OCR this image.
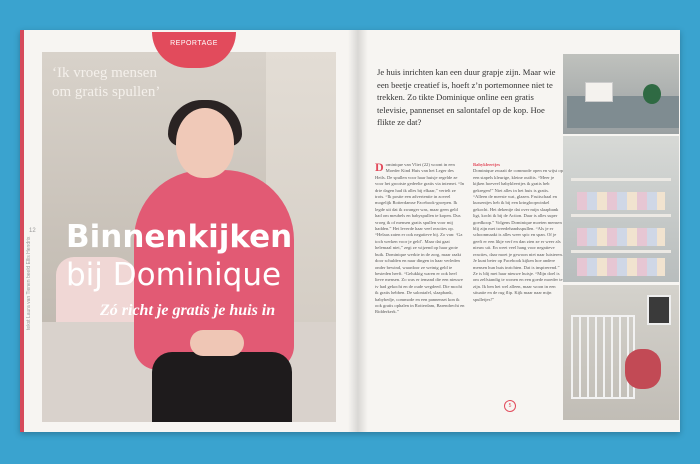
REPORTAGE
‘Ik vroeg mensen om gratis spullen’
Binnenkijken
bij Dominique
Zó richt je gratis je huis in
12
tekst Laura van Tienen beeld Ellis Hendrix
Je huis inrichten kan een duur grapje zijn. Maar wie een beetje creatief is, hoeft z’n portemonnee niet te trekken. Zo tikte Dominique online een gratis televisie, pannenset en salontafel op de kop. Hoe flikte ze dat?
Dominique van Vliet (22) woont in een Moeder Kind Huis van het Leger des Heils. De spullen voor haar huisje regelde ze voor het grootste gedeelte gratis via internet. “In drie dagen had ik alles bij elkaar,” vertelt ze trots. “Ik postte een advertentie in zoveel mogelijk Rotterdamse Facebook-groepen. Ik legde uit dat ik zwanger was, maar geen geld had om meubels en babyspullen te kopen. Dus vroeg ik of mensen gratis spullen voor mij hadden.” Het leverde haar veel reacties op. “Helaas zaten er ook negatieve bij. Zo van: ‘Ga toch werken voor je geld’. Maar dat gaat helemaal niet,” zegt ze wijzend op haar grote buik. Dominique werkte in de zorg, maar raakt door schulden en naar dingen in haar verleden onder bewind, waardoor ze weinig geld te besteden heeft. “Gelukkig waren er ook heel lieve mensen. Zo was er iemand die een nieuwe tv had gekocht en de oude wegdeed. Die mocht ik gratis hebben. De salontafel, slaapbank, babybedje, commode en een pannenset kon ik ook gratis ophalen in Rotterdam, Barendrecht en Ridderkerk.”
Babykleertjes
Dominique zwaait de commode open en wijst op een stapels kleurige, kleine outfits. “Meer je kijken hoeveel babykleertjes ik gratis heb gekregen!” Niet alles in het huis is gratis. “Alleen de meeste wat, glazen. Fruitschaal en kussentjes heb ik bij een kringloopwinkel gekocht. Het dekentje dat over mijn slaapbank ligt, kocht ik bij de Action. Daar is alles super goedkoop.” Volgens Dominique moeten mensen blij zijn met tweedehandsspullen. “Als je er schoonmaakt is alles weer spic en span. Of je geeft er een likje verf en dan zien ze er weer als nieuw uit. En weet veel hang voor negatieve reacties, daar moet je gewoon niet naar luisteren. Je kunt beter op Facebook kijken hoe andere mensen hun huis inrichten. Dat is inspirerend.” Ze is blij met haar nieuwe huisje. “Mijn doel is om zelfstandig te wonen en een goede moeder te zijn. Ik ben het wel alleen, maar woon in een situatie en de rug flip. Kijk maar naar mijn spulletjes!”
5
